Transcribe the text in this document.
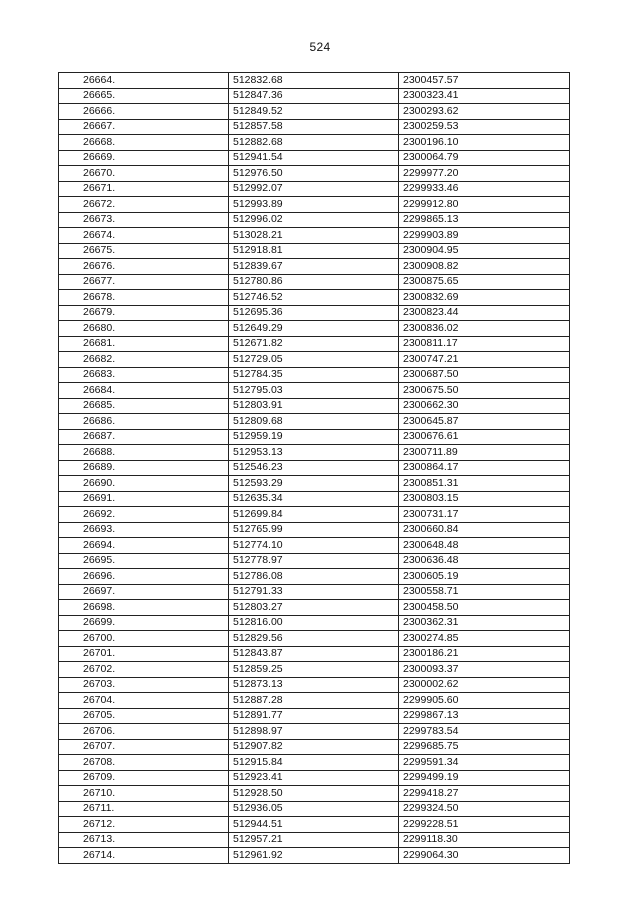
524
26664.	512832.68	2300457.57
26665.	512847.36	2300323.41
26666.	512849.52	2300293.62
26667.	512857.58	2300259.53
26668.	512882.68	2300196.10
26669.	512941.54	2300064.79
26670.	512976.50	2299977.20
26671.	512992.07	2299933.46
26672.	512993.89	2299912.80
26673.	512996.02	2299865.13
26674.	513028.21	2299903.89
26675.	512918.81	2300904.95
26676.	512839.67	2300908.82
26677.	512780.86	2300875.65
26678.	512746.52	2300832.69
26679.	512695.36	2300823.44
26680.	512649.29	2300836.02
26681.	512671.82	2300811.17
26682.	512729.05	2300747.21
26683.	512784.35	2300687.50
26684.	512795.03	2300675.50
26685.	512803.91	2300662.30
26686.	512809.68	2300645.87
26687.	512959.19	2300676.61
26688.	512953.13	2300711.89
26689.	512546.23	2300864.17
26690.	512593.29	2300851.31
26691.	512635.34	2300803.15
26692.	512699.84	2300731.17
26693.	512765.99	2300660.84
26694.	512774.10	2300648.48
26695.	512778.97	2300636.48
26696.	512786.08	2300605.19
26697.	512791.33	2300558.71
26698.	512803.27	2300458.50
26699.	512816.00	2300362.31
26700.	512829.56	2300274.85
26701.	512843.87	2300186.21
26702.	512859.25	2300093.37
26703.	512873.13	2300002.62
26704.	512887.28	2299905.60
26705.	512891.77	2299867.13
26706.	512898.97	2299783.54
26707.	512907.82	2299685.75
26708.	512915.84	2299591.34
26709.	512923.41	2299499.19
26710.	512928.50	2299418.27
26711.	512936.05	2299324.50
26712.	512944.51	2299228.51
26713.	512957.21	2299118.30
26714.	512961.92	2299064.30
